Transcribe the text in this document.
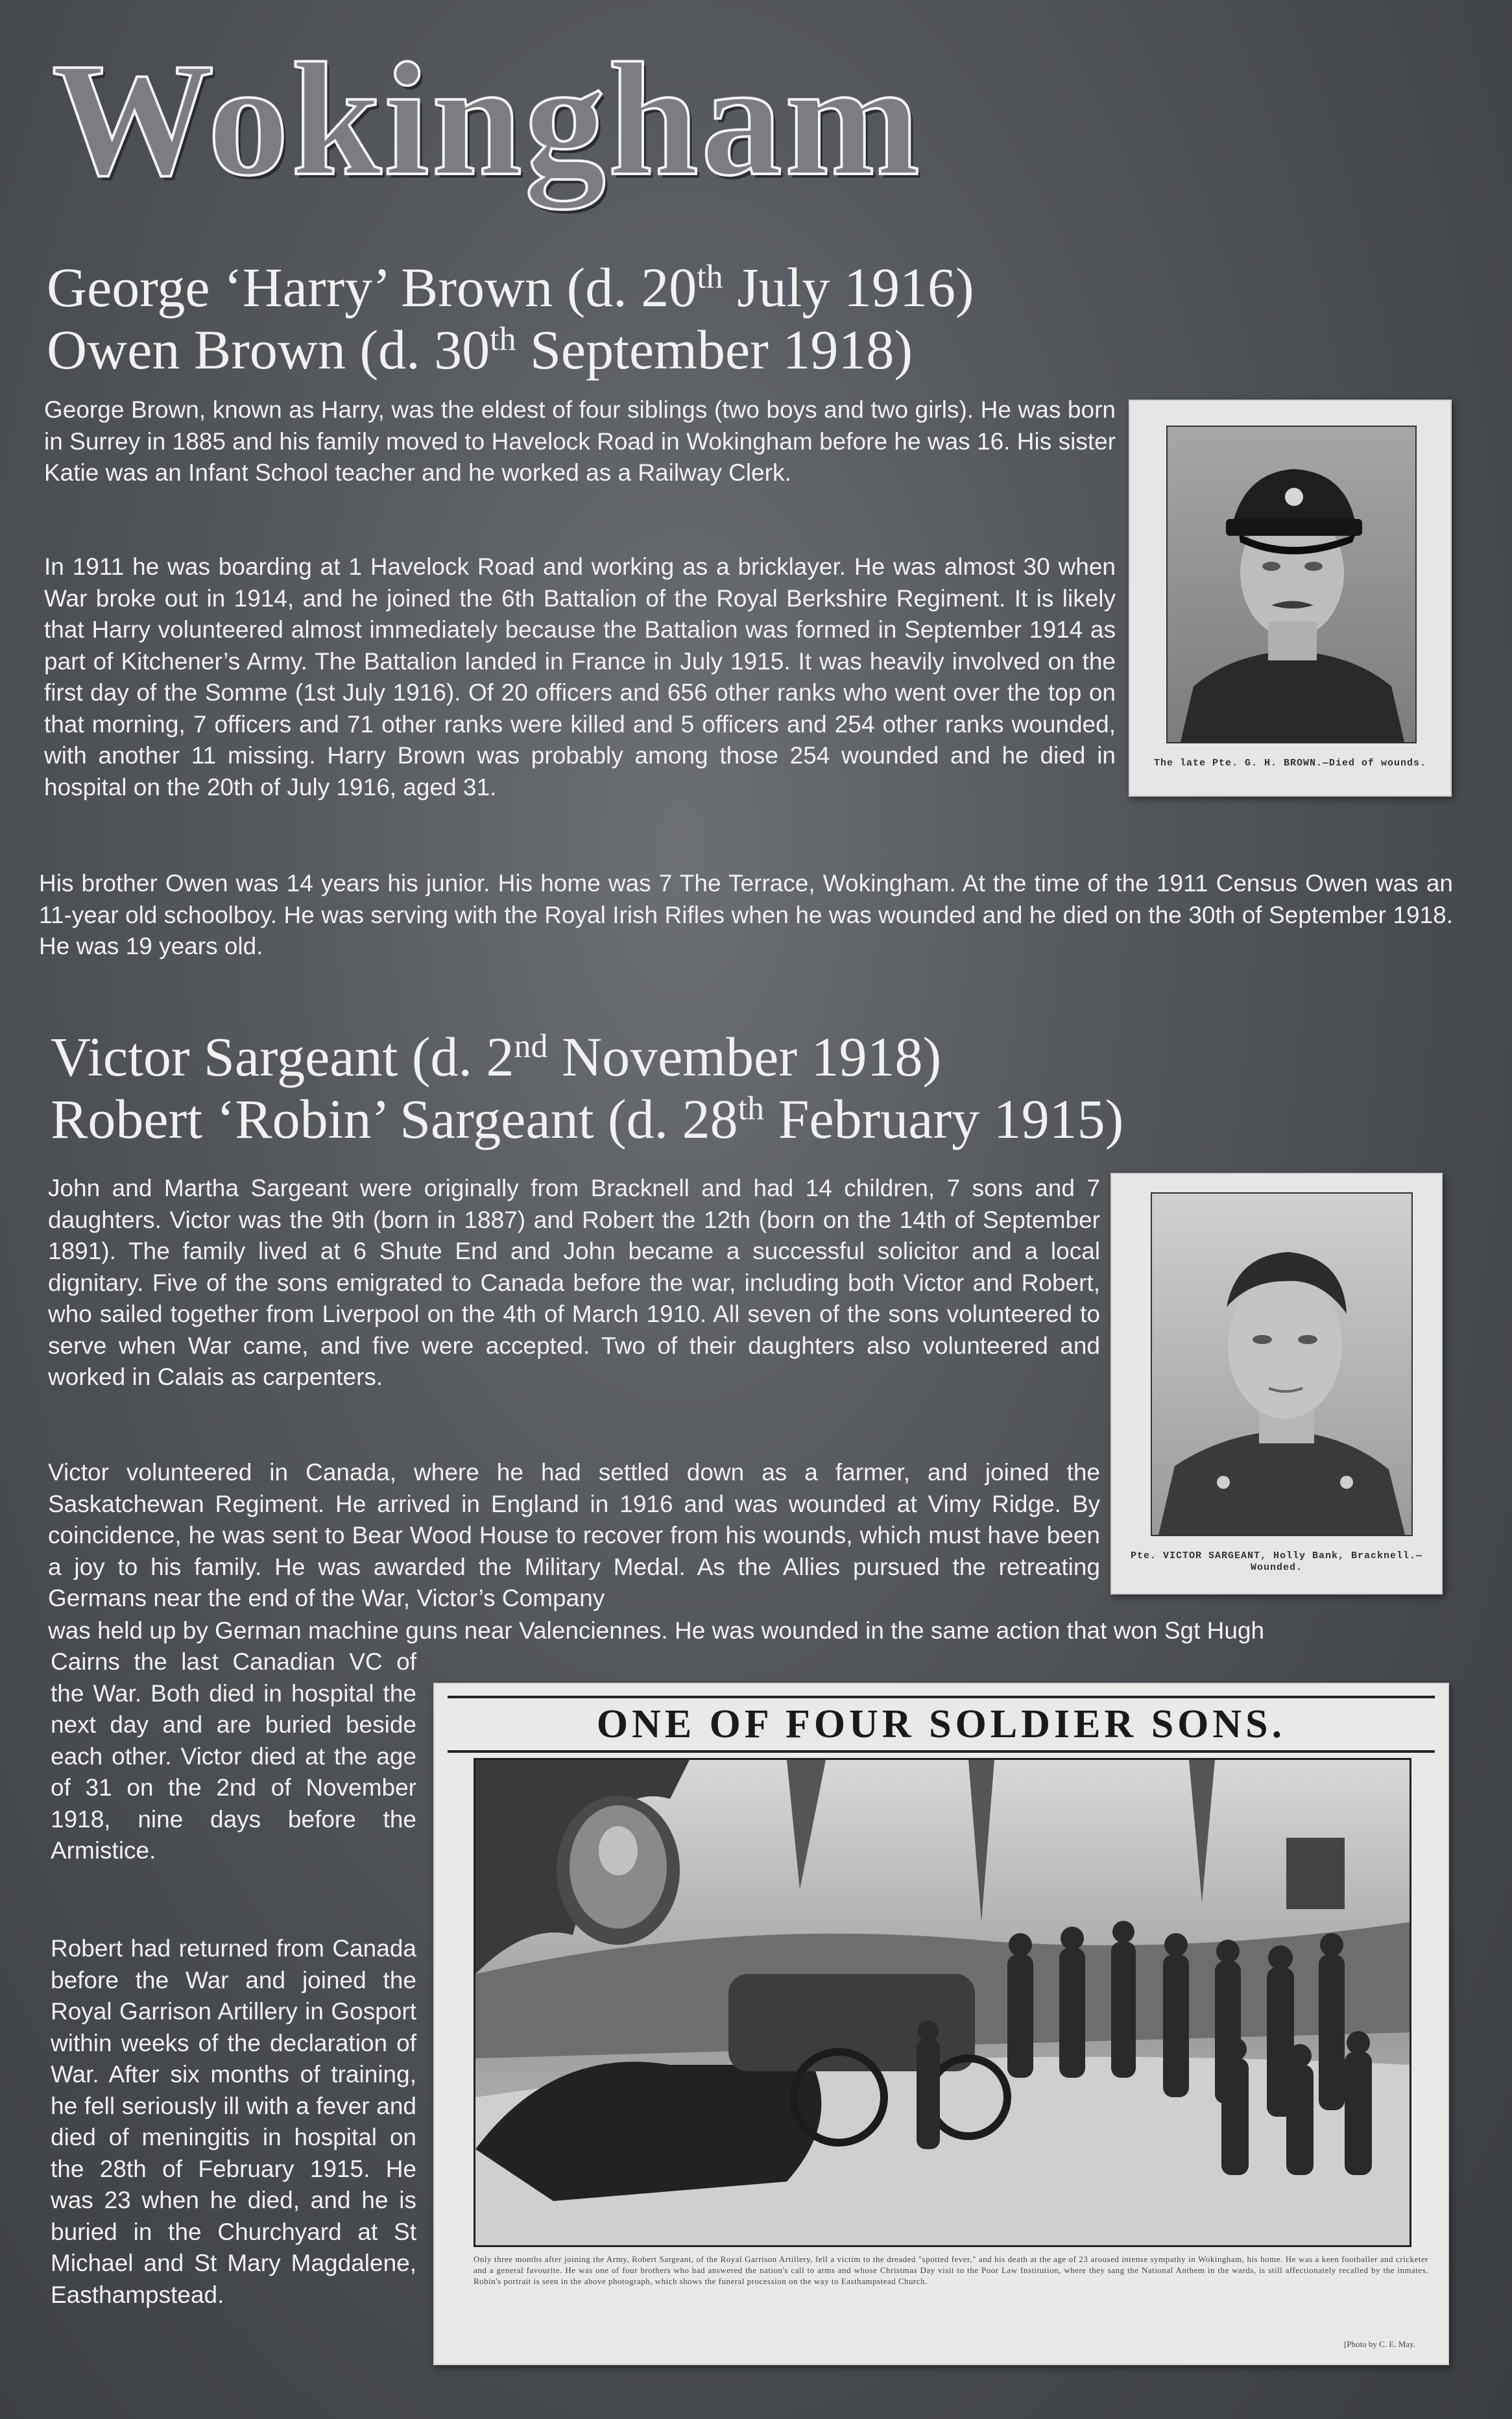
Wokingham
George ‘Harry’ Brown (d. 20th July 1916)
Owen Brown (d. 30th September 1918)

George Brown, known as Harry, was the eldest of four siblings (two boys and two girls). He was born in Surrey in 1885 and his family moved to Havelock Road in Wokingham before he was 16. His sister Katie was an Infant School teacher and he worked as a Railway Clerk.

In 1911 he was boarding at 1 Havelock Road and working as a bricklayer. He was almost 30 when War broke out in 1914, and he joined the 6th Battalion of the Royal Berkshire Regiment. It is likely that Harry volunteered almost immediately because the Battalion was formed in September 1914 as part of Kitchener’s Army. The Battalion landed in France in July 1915. It was heavily involved on the first day of the Somme (1st July 1916). Of 20 officers and 656 other ranks who went over the top on that morning, 7 officers and 71 other ranks were killed and 5 officers and 254 other ranks wounded, with another 11 missing. Harry Brown was probably among those 254 wounded and he died in hospital on the 20th of July 1916, aged 31.

His brother Owen was 14 years his junior. His home was 7 The Terrace, Wokingham. At the time of the 1911 Census Owen was an 11-year old schoolboy. He was serving with the Royal Irish Rifles when he was wounded and he died on the 30th of September 1918. He was 19 years old.

The late Pte. G. H. BROWN.—Died of wounds.
Victor Sargeant (d. 2nd November 1918)
Robert ‘Robin’ Sargeant (d. 28th February 1915)

John and Martha Sargeant were originally from Bracknell and had 14 children, 7 sons and 7 daughters. Victor was the 9th (born in 1887) and Robert the 12th (born on the 14th of September 1891). The family lived at 6 Shute End and John became a successful solicitor and a local dignitary. Five of the sons emigrated to Canada before the war, including both Victor and Robert, who sailed together from Liverpool on the 4th of March 1910. All seven of the sons volunteered to serve when War came, and five were accepted. Two of their daughters also volunteered and worked in Calais as carpenters.

Victor volunteered in Canada, where he had settled down as a farmer, and joined the Saskatchewan Regiment. He arrived in England in 1916 and was wounded at Vimy Ridge. By coincidence, he was sent to Bear Wood House to recover from his wounds, which must have been a joy to his family. He was awarded the Military Medal. As the Allies pursued the retreating Germans near the end of the War, Victor’s Company

was held up by German machine guns near Valenciennes. He was wounded in the same action that won Sgt Hugh

Cairns the last Canadian VC of the War. Both died in hospital the next day and are buried beside each other. Victor died at the age of 31 on the 2nd of November 1918, nine days before the Armistice.

Robert had returned from Canada before the War and joined the Royal Garrison Artillery in Gosport within weeks of the declaration of War. After six months of training, he fell seriously ill with a fever and died of meningitis in hospital on the 28th of February 1915. He was 23 when he died, and he is buried in the Churchyard at St Michael and St Mary Magdalene, Easthampstead.

Pte. VICTOR SARGEANT, Holly Bank, Bracknell.—Wounded.
ONE OF FOUR SOLDIER SONS.
Only three months after joining the Army, Robert Sargeant, of the Royal Garrison Artillery, fell a victim to the dreaded "spotted fever," and his death at the age of 23 aroused intense sympathy in Wokingham, his home. He was a keen footballer and cricketer and a general favourite. He was one of four brothers who had answered the nation's call to arms and whose Christmas Day visit to the Poor Law Institution, where they sang the National Anthem in the wards, is still affectionately recalled by the inmates. Robin's portrait is seen in the above photograph, which shows the funeral procession on the way to Easthampstead Church.
[Photo by C. E. May.
